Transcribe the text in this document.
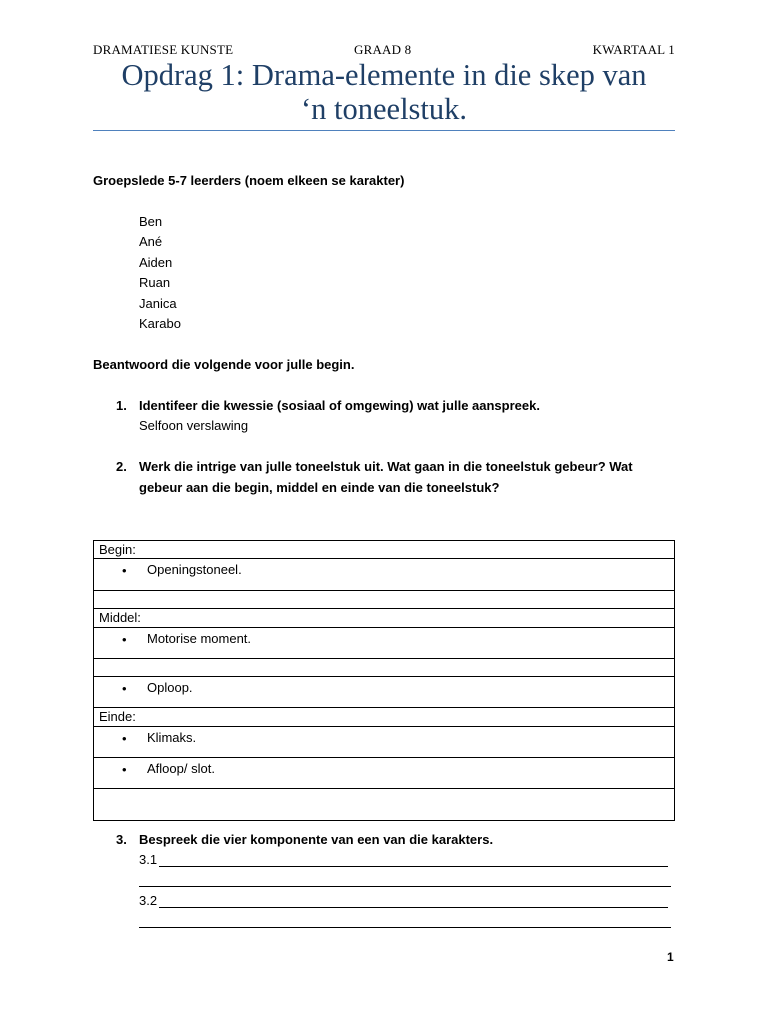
DRAMATIESE KUNSTE	GRAAD 8	KWARTAAL 1
Opdrag 1: Drama-elemente in die skep van
‘n toneelstuk.
Groepslede 5-7 leerders (noem elkeen se karakter)
Ben
Ané
Aiden
Ruan
Janica
Karabo
Beantwoord die volgende voor julle begin.
1. Identifeer die kwessie (sosiaal of omgewing) wat julle aanspreek.
Selfoon verslawing
2. Werk die intrige van julle toneelstuk uit. Wat gaan in die toneelstuk gebeur? Wat
gebeur aan die begin, middel en einde van die toneelstuk?
Begin:
• Openingstoneel.
Middel:
• Motorise moment.
• Oploop.
Einde:
• Klimaks.
• Afloop/ slot.
3. Bespreek die vier komponente van een van die karakters.
3.1
3.2
1
